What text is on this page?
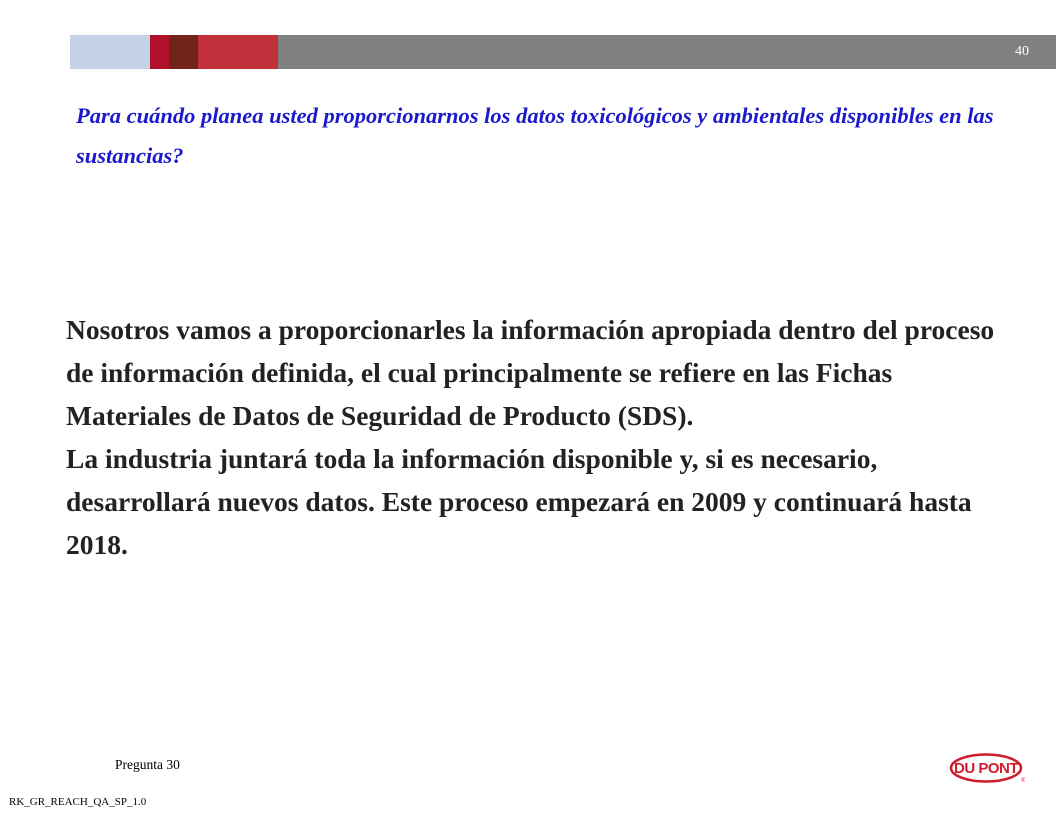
40
Para cuándo planea usted proporcionarnos los datos toxicológicos y ambientales disponibles en las sustancias?

Nosotros vamos a proporcionarles la información apropiada dentro del proceso de información definida, el cual principalmente se refiere en las Fichas Materiales de Datos de Seguridad de Producto (SDS).

La industria juntará toda la información disponible y, si es necesario, desarrollará nuevos datos. Este proceso empezará en 2009 y continuará hasta 2018.

Pregunta 30
RK_GR_REACH_QA_SP_1.0
DU PONT
®
